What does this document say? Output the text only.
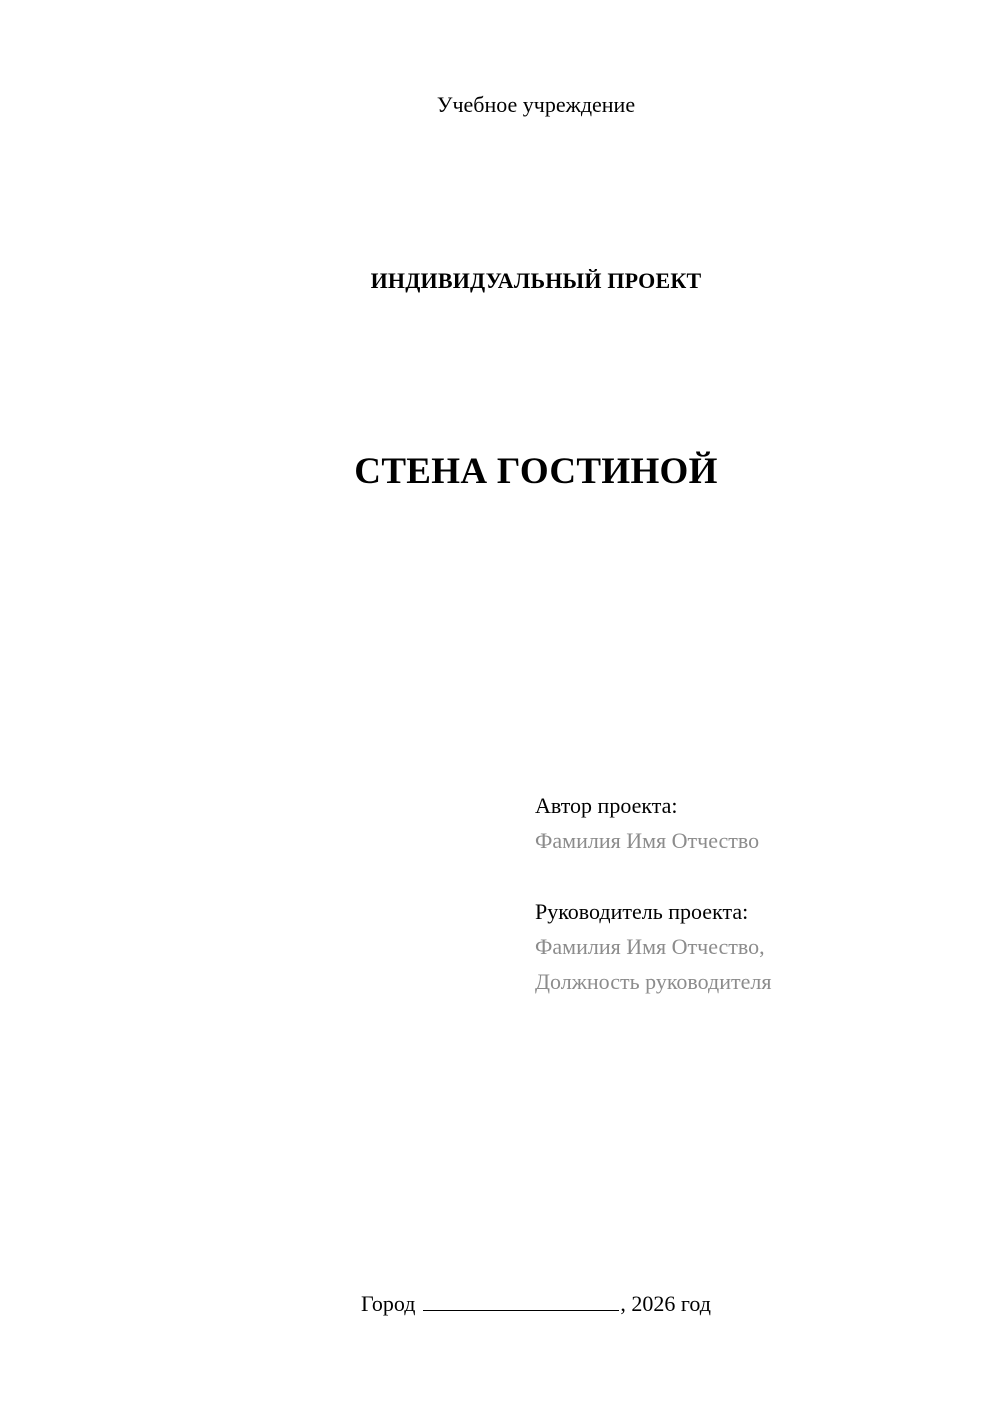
Учебное учреждение
ИНДИВИДУАЛЬНЫЙ ПРОЕКТ
СТЕНА ГОСТИНОЙ
Автор проекта:
Фамилия Имя Отчество
Руководитель проекта:
Фамилия Имя Отчество,
Должность руководителя
Город	, 2026 год
